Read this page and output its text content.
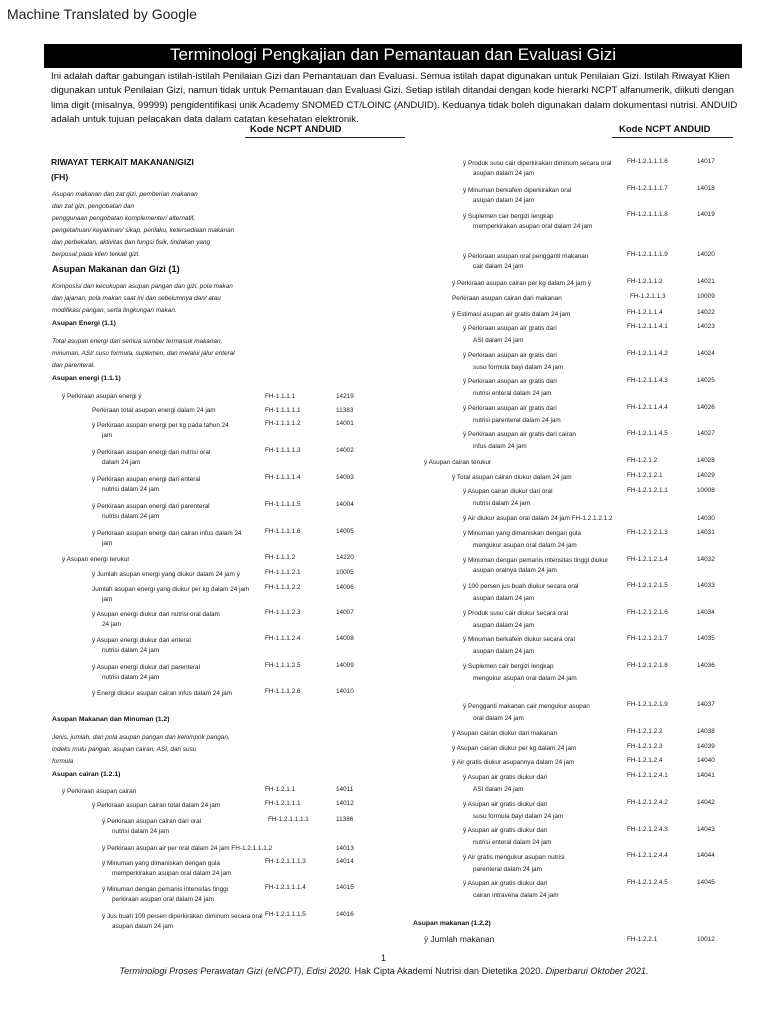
Machine Translated by Google
Terminologi Pengkajian dan Pemantauan dan Evaluasi Gizi
Ini adalah daftar gabungan istilah-istilah Penilaian Gizi dan Pemantauan dan Evaluasi. Semua istilah dapat digunakan untuk Penilaian Gizi. Istilah Riwayat Klien digunakan untuk Penilaian Gizi, namun tidak untuk Pemantauan dan Evaluasi Gizi. Setiap istilah ditandai dengan kode hierarki NCPT alfanumerik, diikuti dengan lima digit (misalnya, 99999) pengidentifikasi unik Academy SNOMED CT/LOINC (ANDUID). Keduanya tidak boleh digunakan dalam dokumentasi nutrisi. ANDUID adalah untuk tujuan pelacakan data dalam catatan kesehatan elektronik.
Kode NCPT ANDUID	Kode NCPT ANDUID
RIWAYAT TERKAIT MAKANAN/GIZI
(FH)
Asupan makanan dan zat gizi, pemberian makanan
dan zat gizi, pengobatan dan
penggunaan pengobatan komplementer/ alternatif,
pengetahuan/ keyakinan/ sikap, perilaku, ketersediaan makanan
dan perbekalan, aktivitas dan fungsi fisik, tindakan yang
berpusat pada klien terkait gizi.
Asupan Makanan dan Gizi (1)
Komposisi dan kecukupan asupan pangan dan gizi, pola makan
dan jajanan, pola makan saat ini dan sebelumnya dan/ atau
modifikasi pangan, serta lingkungan makan.
Asupan Energi (1.1)
Total asupan energi dari semua sumber termasuk makanan,
minuman, ASI/ susu formula, suplemen, dan melalui jalur enteral
dan parenteral.
Asupan energi (1.1.1)
ÿ Perkiraan asupan energi ÿ	FH-1.1.1.1	14219
Perkiraan total asupan energi dalam 24 jam	FH-1.1.1.1.1	11383
ÿ Perkiraan asupan energi per kg pada tahun 24
jam
FH-1.1.1.1.2	14001
ÿ Perkiraan asupan energi dari nutrisi oral
dalam 24 jam
FH-1.1.1.1.3	14002
ÿ Perkiraan asupan energi dari enteral
nutrisi dalam 24 jam
FH-1.1.1.1.4	14003
ÿ Perkiraan asupan energi dari parenteral
nutrisi dalam 24 jam
FH-1.1.1.1.5	14004
ÿ Perkiraan asupan energi dari cairan infus dalam 24
jam
FH-1.1.1.1.6	14005
ÿ Asupan energi terukur	FH-1.1.1.2	14220
ÿ Jumlah asupan energi yang diukur dalam 24 jam ÿ	FH-1.1.1.2.1	10005
Jumlah asupan energi yang diukur per kg dalam 24 jam
jam
FH-1.1.1.2.2	14006
ÿ Asupan energi diukur dari nutrisi oral dalam
24 jam
FH-1.1.1.2.3	14007
ÿ Asupan energi diukur dari enteral
nutrisi dalam 24 jam
FH-1.1.1.2.4	14008
ÿ Asupan energi diukur dari parenteral
nutrisi dalam 24 jam
FH-1.1.1.2.5	14009
ÿ Energi diukur asupan cairan infus dalam 24 jam	FH-1.1.1.2.6	14010
Asupan Makanan dan Minuman (1.2)
Jenis, jumlah, dan pola asupan pangan dan kelompok pangan,
indeks mutu pangan, asupan cairan, ASI, dan susu
formula
Asupan cairan (1.2.1)
ÿ Perkiraan asupan cairan	FH-1.2.1.1	14011
ÿ Perkiraan asupan cairan total dalam 24 jam	FH-1.2.1.1.1	14012
ÿ Perkiraan asupan cairan dari oral
nutrisi dalam 24 jam
FH-1.2.1.1.1.1	11386
ÿ Perkiraan asupan air per oral dalam 24 jam FH-1.2.1.1.1.2	14013
ÿ Minuman yang dimaniskan dengan gula
memperkirakan asupan oral dalam 24 jam
FH-1.2.1.1.1.3	14014
ÿ Minuman dengan pemanis intensitas tinggi
perkiraan asupan oral dalam 24 jam
FH-1.2.1.1.1.4	14015
ÿ Jus buah 100 persen diperkirakan diminum secara oral
asupan dalam 24 jam
FH-1.2.1.1.1.5	14016
ÿ Produk susu cair diperkirakan diminum secara oral
asupan dalam 24 jam
FH-1.2.1.1.1.6	14017
ÿ Minuman berkafein diperkirakan oral
asupan dalam 24 jam
FH-1.2.1.1.1.7	14018
ÿ Suplemen cair bergizi lengkap
memperkirakan asupan oral dalam 24 jam
FH-1.2.1.1.1.8	14019
ÿ Perkiraan asupan oral pengganti makanan
cair dalam 24 jam
FH-1.2.1.1.1.9	14020
ÿ Perkiraan asupan cairan per kg dalam 24 jam ÿ	FH-1.2.1.1.2	14021
Perkiraan asupan cairan dari makanan	FH-1.2.1.1.3	10009
ÿ Estimasi asupan air gratis dalam 24 jam	FH-1.2.1.1.4	14022
ÿ Perkiraan asupan air gratis dari
ASI dalam 24 jam
FH-1.2.1.1.4.1	14023
ÿ Perkiraan asupan air gratis dari
susu formula bayi dalam 24 jam
FH-1.2.1.1.4.2	14024
ÿ Perkiraan asupan air gratis dari
nutrisi enteral dalam 24 jam
FH-1.2.1.1.4.3	14025
ÿ Perkiraan asupan air gratis dari
nutrisi parenteral dalam 24 jam
FH-1.2.1.1.4.4	14026
ÿ Perkiraan asupan air gratis dari cairan
infus dalam 24 jam
FH-1.2.1.1.4.5	14027
ÿ Asupan cairan terukur	FH-1.2.1.2	14028
ÿ Total asupan cairan diukur dalam 24 jam	FH-1.2.1.2.1	14029
ÿ Asupan cairan diukur dari oral
nutrisi dalam 24 jam
FH-1.2.1.2.1.1	10008
ÿ Air diukur asupan oral dalam 24 jam FH-1.2.1.2.1.2	14030
ÿ Minuman yang dimaniskan dengan gula
mengukur asupan oral dalam 24 jam
FH-1.2.1.2.1.3	14031
ÿ Minuman dengan pemanis intensitas tinggi diukur
asupan oralnya dalam 24 jam
FH-1.2.1.2.1.4	14032
ÿ 100 persen jus buah diukur secara oral
asupan dalam 24 jam
FH-1.2.1.2.1.5	14033
ÿ Produk susu cair diukur secara oral
asupan dalam 24 jam
FH-1.2.1.2.1.6	14034
ÿ Minuman berkafein diukur secara oral
asupan dalam 24 jam
FH-1.2.1.2.1.7	14035
ÿ Suplemen cair bergizi lengkap
mengukur asupan oral dalam 24 jam
FH-1.2.1.2.1.8	14036
ÿ Pengganti makanan cair mengukur asupan
oral dalam 24 jam
FH-1.2.1.2.1.9	14037
ÿ Asupan cairan diukur dari makanan	FH-1.2.1.2.2	14038
ÿ Asupan cairan diukur per kg dalam 24 jam	FH-1.2.1.2.3	14039
ÿ Air gratis diukur asupannya dalam 24 jam	FH-1.2.1.2.4	14040
ÿ Asupan air gratis diukur dari
ASI dalam 24 jam
FH-1.2.1.2.4.1	14041
ÿ Asupan air gratis diukur dari
susu formula bayi dalam 24 jam
FH-1.2.1.2.4.2	14042
ÿ Asupan air gratis diukur dari
nutrisi enteral dalam 24 jam
FH-1.2.1.2.4.3	14043
ÿ Air gratis mengukur asupan nutrisi
parenteral dalam 24 jam
FH-1.2.1.2.4.4	14044
ÿ Asupan air gratis diukur dari
cairan intravena dalam 24 jam
FH-1.2.1.2.4.5	14045
Asupan makanan (1.2.2)
ÿ Jumlah makanan	FH-1.2.2.1	10012
1
Terminologi Proses Perawatan Gizi (eNCPT), Edisi 2020. Hak Cipta Akademi Nutrisi dan Dietetika 2020. Diperbarui Oktober 2021.
